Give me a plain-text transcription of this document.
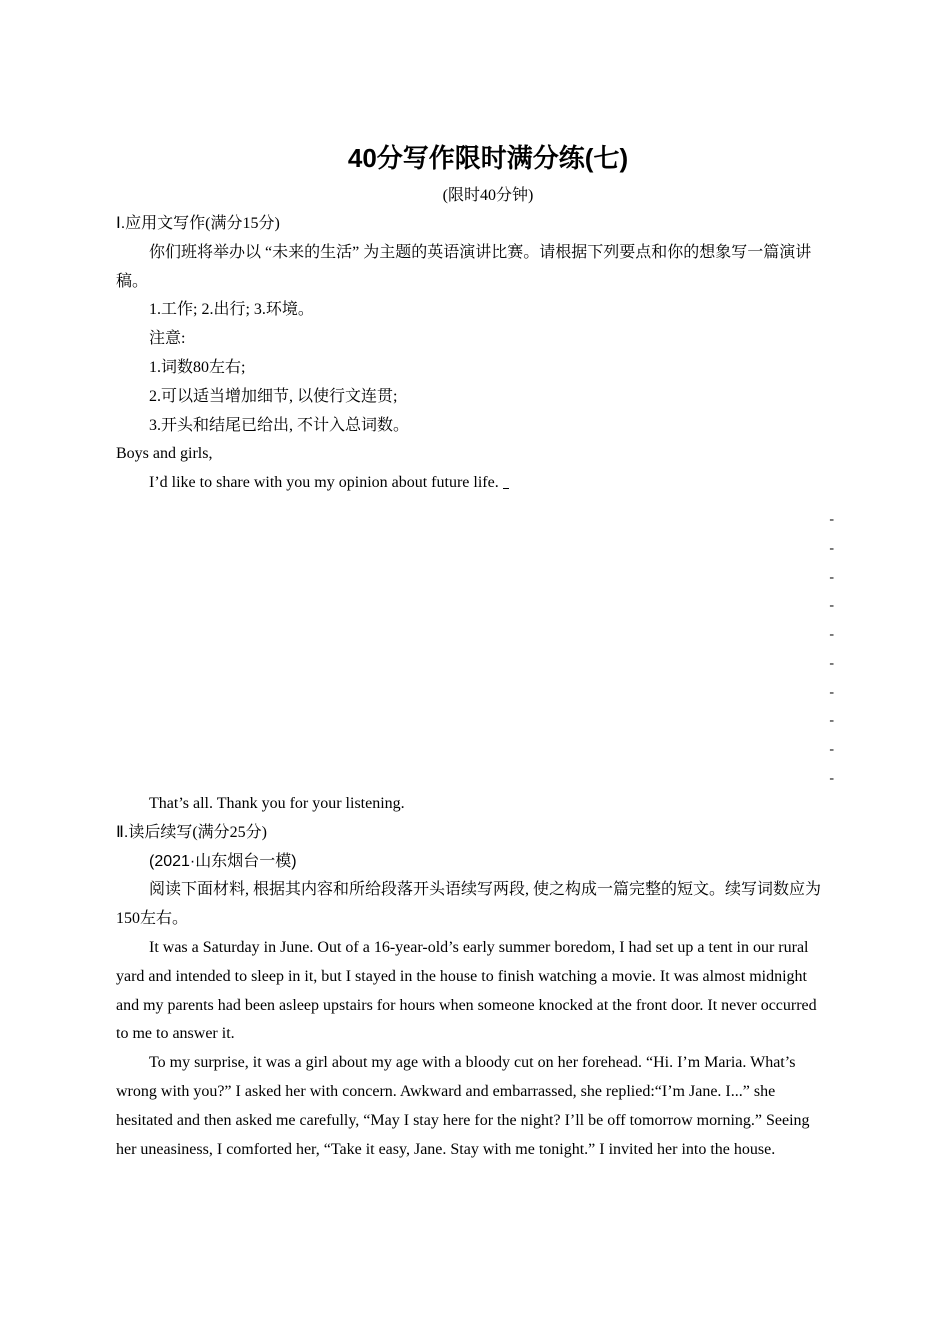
40分写作限时满分练(七)
(限时40分钟)

Ⅰ.应用文写作(满分15分)

你们班将举办以 “未来的生活” 为主题的英语演讲比赛。请根据下列要点和你的想象写一篇演讲稿。

1.工作; 2.出行; 3.环境。

注意:

1.词数80左右;

2.可以适当增加细节, 以使行文连贯;

3.开头和结尾已给出, 不计入总词数。

Boys and girls,

I’d like to share with you my opinion about future life.

-
-
-
-
-
-
-
-
-
-

That’s all. Thank you for your listening.

Ⅱ.读后续写(满分25分)

(2021·山东烟台一模)

阅读下面材料, 根据其内容和所给段落开头语续写两段, 使之构成一篇完整的短文。续写词数应为150左右。

It was a Saturday in June. Out of a 16-year-old’s early summer boredom, I had set up a tent in our rural yard and intended to sleep in it, but I stayed in the house to finish watching a movie. It was almost midnight and my parents had been asleep upstairs for hours when someone knocked at the front door. It never occurred to me to answer it.

To my surprise, it was a girl about my age with a bloody cut on her forehead. “Hi. I’m Maria. What’s wrong with you?” I asked her with concern. Awkward and embarrassed, she replied:“I’m Jane. I...” she hesitated and then asked me carefully, “May I stay here for the night? I’ll be off tomorrow morning.” Seeing her uneasiness, I comforted her, “Take it easy, Jane. Stay with me tonight.” I invited her into the house.
